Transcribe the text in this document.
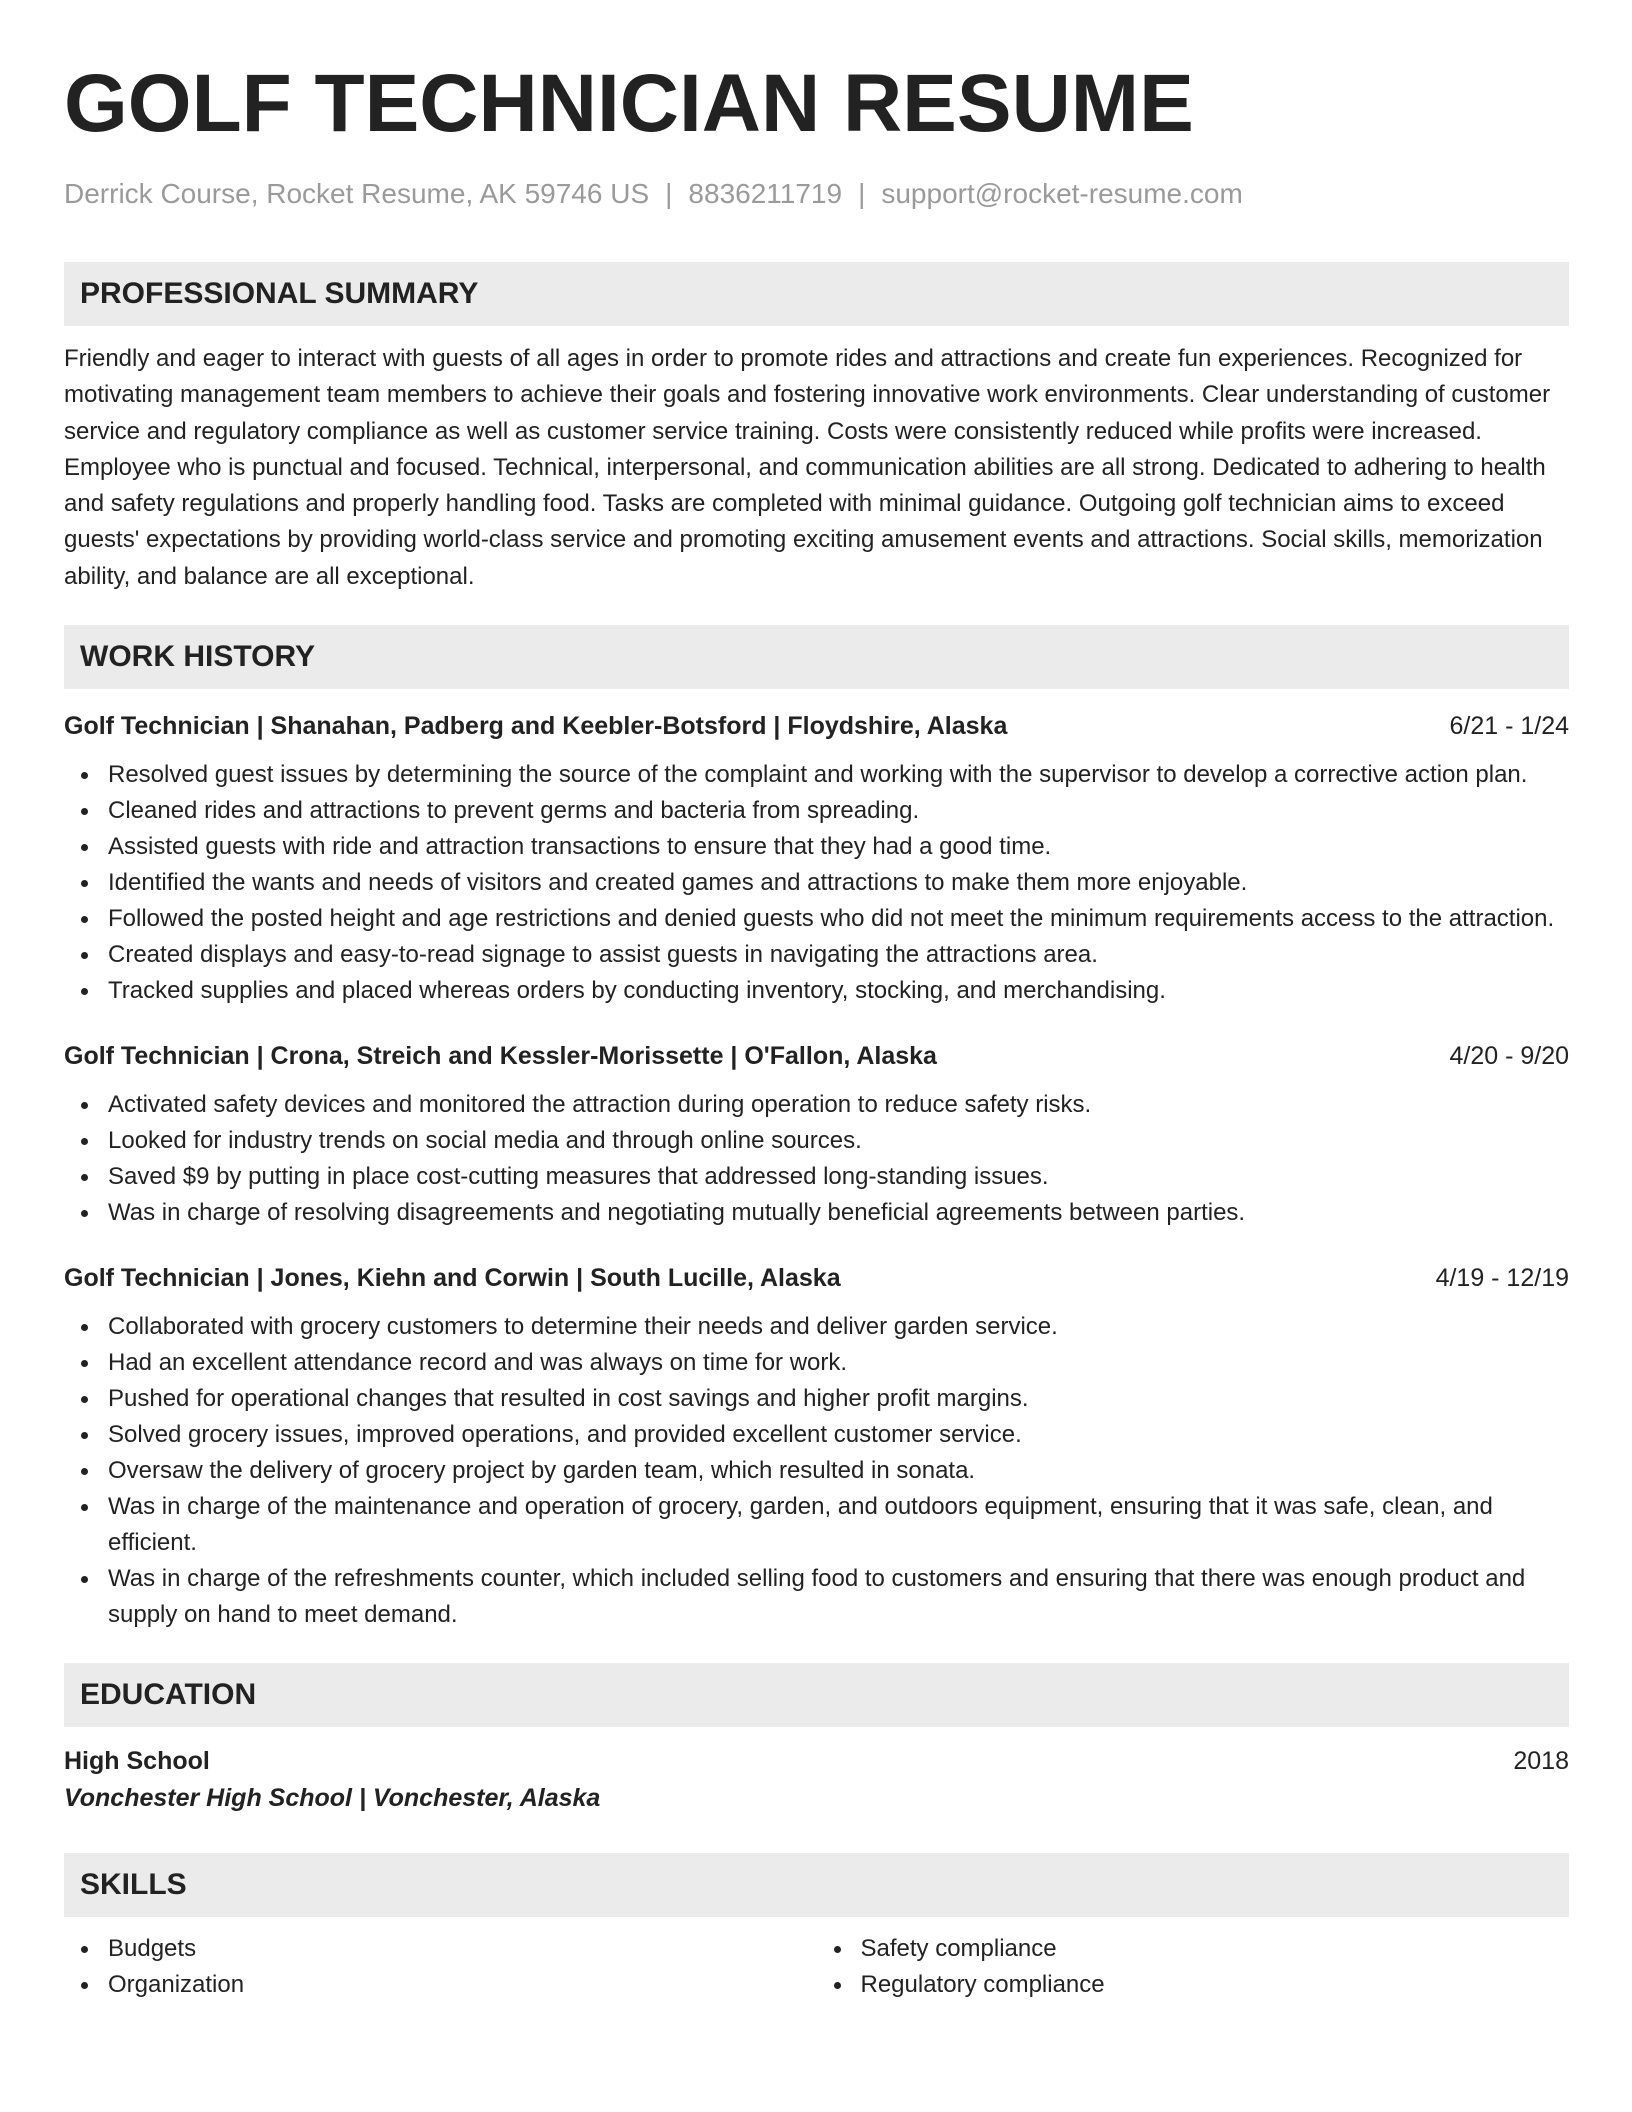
GOLF TECHNICIAN RESUME
Derrick Course, Rocket Resume, AK 59746 US | 8836211719 | support@rocket-resume.com
PROFESSIONAL SUMMARY

Friendly and eager to interact with guests of all ages in order to promote rides and attractions and create fun experiences. Recognized for motivating management team members to achieve their goals and fostering innovative work environments. Clear understanding of customer service and regulatory compliance as well as customer service training. Costs were consistently reduced while profits were increased. Employee who is punctual and focused. Technical, interpersonal, and communication abilities are all strong. Dedicated to adhering to health and safety regulations and properly handling food. Tasks are completed with minimal guidance. Outgoing golf technician aims to exceed guests' expectations by providing world-class service and promoting exciting amusement events and attractions. Social skills, memorization ability, and balance are all exceptional.

WORK HISTORY
Golf Technician | Shanahan, Padberg and Keebler-Botsford | Floydshire, Alaska	6/21 - 1/24
Resolved guest issues by determining the source of the complaint and working with the supervisor to develop a corrective action plan.
Cleaned rides and attractions to prevent germs and bacteria from spreading.
Assisted guests with ride and attraction transactions to ensure that they had a good time.
Identified the wants and needs of visitors and created games and attractions to make them more enjoyable.
Followed the posted height and age restrictions and denied guests who did not meet the minimum requirements access to the attraction.
Created displays and easy-to-read signage to assist guests in navigating the attractions area.
Tracked supplies and placed whereas orders by conducting inventory, stocking, and merchandising.
Golf Technician | Crona, Streich and Kessler-Morissette | O'Fallon, Alaska	4/20 - 9/20
Activated safety devices and monitored the attraction during operation to reduce safety risks.
Looked for industry trends on social media and through online sources.
Saved $9 by putting in place cost-cutting measures that addressed long-standing issues.
Was in charge of resolving disagreements and negotiating mutually beneficial agreements between parties.
Golf Technician | Jones, Kiehn and Corwin | South Lucille, Alaska	4/19 - 12/19
Collaborated with grocery customers to determine their needs and deliver garden service.
Had an excellent attendance record and was always on time for work.
Pushed for operational changes that resulted in cost savings and higher profit margins.
Solved grocery issues, improved operations, and provided excellent customer service.
Oversaw the delivery of grocery project by garden team, which resulted in sonata.
Was in charge of the maintenance and operation of grocery, garden, and outdoors equipment, ensuring that it was safe, clean, and efficient.
Was in charge of the refreshments counter, which included selling food to customers and ensuring that there was enough product and supply on hand to meet demand.
EDUCATION
High School	2018
Vonchester High School | Vonchester, Alaska
SKILLS
Budgets
Organization
Safety compliance
Regulatory compliance
